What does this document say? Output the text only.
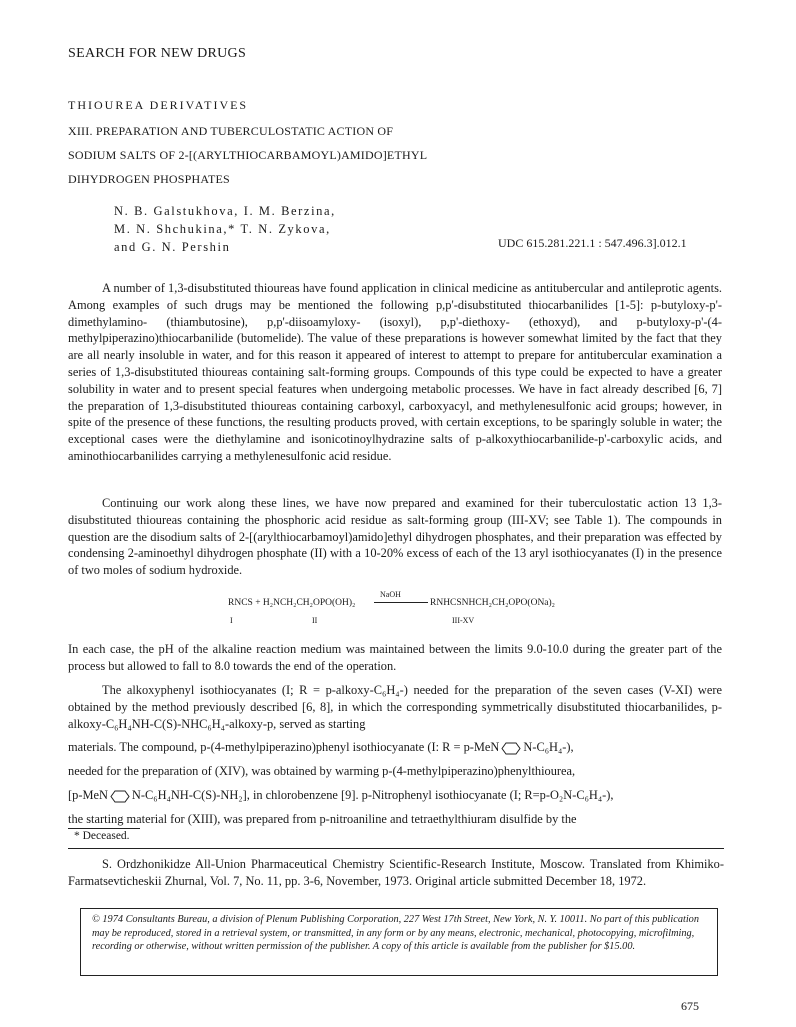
SEARCH FOR NEW DRUGS
THIOUREA DERIVATIVES
XIII. PREPARATION AND TUBERCULOSTATIC ACTION OF
SODIUM SALTS OF 2-[(ARYLTHIOCARBAMOYL)AMIDO]ETHYL
DIHYDROGEN PHOSPHATES
N. B. Galstukhova, I. M. Berzina,
M. N. Shchukina,* T. N. Zykova,
and G. N. Pershin	UDC 615.281.221.1 : 547.496.3].012.1

A number of 1,3-disubstituted thioureas have found application in clinical medicine as antitubercular and antileprotic agents. Among examples of such drugs may be mentioned the following p,p'-disubstituted thiocarbanilides [1-5]: p-butyloxy-p'-dimethylamino- (thiambutosine), p,p'-diisoamyloxy- (isoxyl), p,p'-diethoxy- (ethoxyd), and p-butyloxy-p'-(4-methylpiperazino)thiocarbanilide (butomelide). The value of these preparations is however somewhat limited by the fact that they are all nearly insoluble in water, and for this reason it appeared of interest to attempt to prepare for antitubercular examination a series of 1,3-disubstituted thioureas containing salt-forming groups. Compounds of this type could be expected to have a greater solubility in water and to present special features when undergoing metabolic processes. We have in fact already described [6, 7] the preparation of 1,3-disubstituted thioureas containing carboxyl, carboxyacyl, and methylenesulfonic acid groups; however, in spite of the presence of these functions, the resulting products proved, with certain exceptions, to be sparingly soluble in water; the exceptional cases were the diethylamine and isonicotinoylhydrazine salts of p-alkoxythiocarbanilide-p'-carboxylic acids, and aminothiocarbanilides carrying a methylenesulfonic acid residue.

Continuing our work along these lines, we have now prepared and examined for their tuberculostatic action 13 1,3-disubstituted thioureas containing the phosphoric acid residue as salt-forming group (III-XV; see Table 1). The compounds in question are the disodium salts of 2-[(arylthiocarbamoyl)amido]ethyl dihydrogen phosphates, and their preparation was effected by condensing 2-aminoethyl dihydrogen phosphate (II) with a 10-20% excess of each of the 13 aryl isothiocyanates (I) in the presence of two moles of sodium hydroxide.

RNCS + H₂NCH₂CH₂OPO(OH)₂
NaOH
RNHCSNHCH₂CH₂OPO(ONa)₂
I	II	III-XV

In each case, the pH of the alkaline reaction medium was maintained between the limits 9.0-10.0 during the greater part of the process but allowed to fall to 8.0 towards the end of the operation.

The alkoxyphenyl isothiocyanates (I; R = p-alkoxy-C₆H₄-) needed for the preparation of the seven cases (V-XI) were obtained by the method previously described [6, 8], in which the corresponding symmetrically disubstituted thiocarbanilides, p-alkoxy-C₆H₄NH-C(S)-NHC₆H₄-alkoxy-p, served as starting

materials. The compound, p-(4-methylpiperazino)phenyl isothiocyanate (I: R = p-MeN N-C₆H₄-),
needed for the preparation of (XIV), was obtained by warming p-(4-methylpiperazino)phenylthiourea,
[p-MeN N-C₆H₄NH-C(S)-NH₂], in chlorobenzene [9]. p-Nitrophenyl isothiocyanate (I; R=p-O₂N-C₆H₄-),
the starting material for (XIII), was prepared from p-nitroaniline and tetraethylthiuram disulfide by the
* Deceased.
S. Ordzhonikidze All-Union Pharmaceutical Chemistry Scientific-Research Institute, Moscow. Translated from Khimiko-Farmatsevticheskii Zhurnal, Vol. 7, No. 11, pp. 3-6, November, 1973. Original article submitted December 18, 1972.
© 1974 Consultants Bureau, a division of Plenum Publishing Corporation, 227 West 17th Street, New York, N. Y. 10011. No part of this publication may be reproduced, stored in a retrieval system, or transmitted, in any form or by any means, electronic, mechanical, photocopying, microfilming, recording or otherwise, without written permission of the publisher. A copy of this article is available from the publisher for $15.00.
675
